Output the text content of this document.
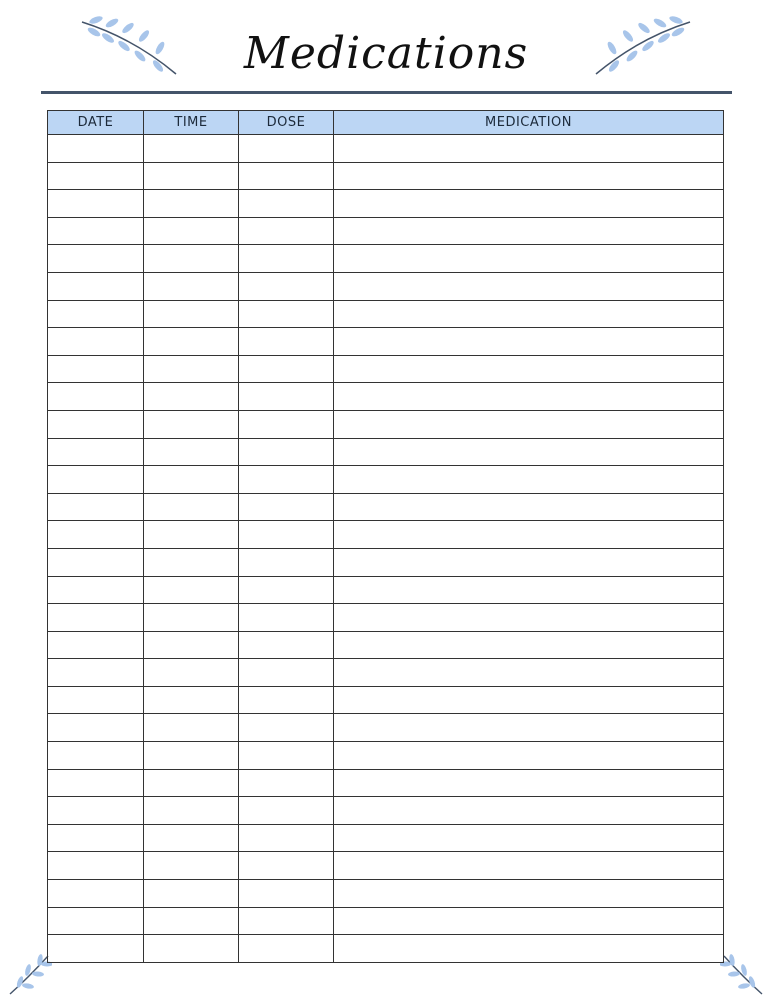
Medications
DATE	TIME	DOSE	MEDICATION
